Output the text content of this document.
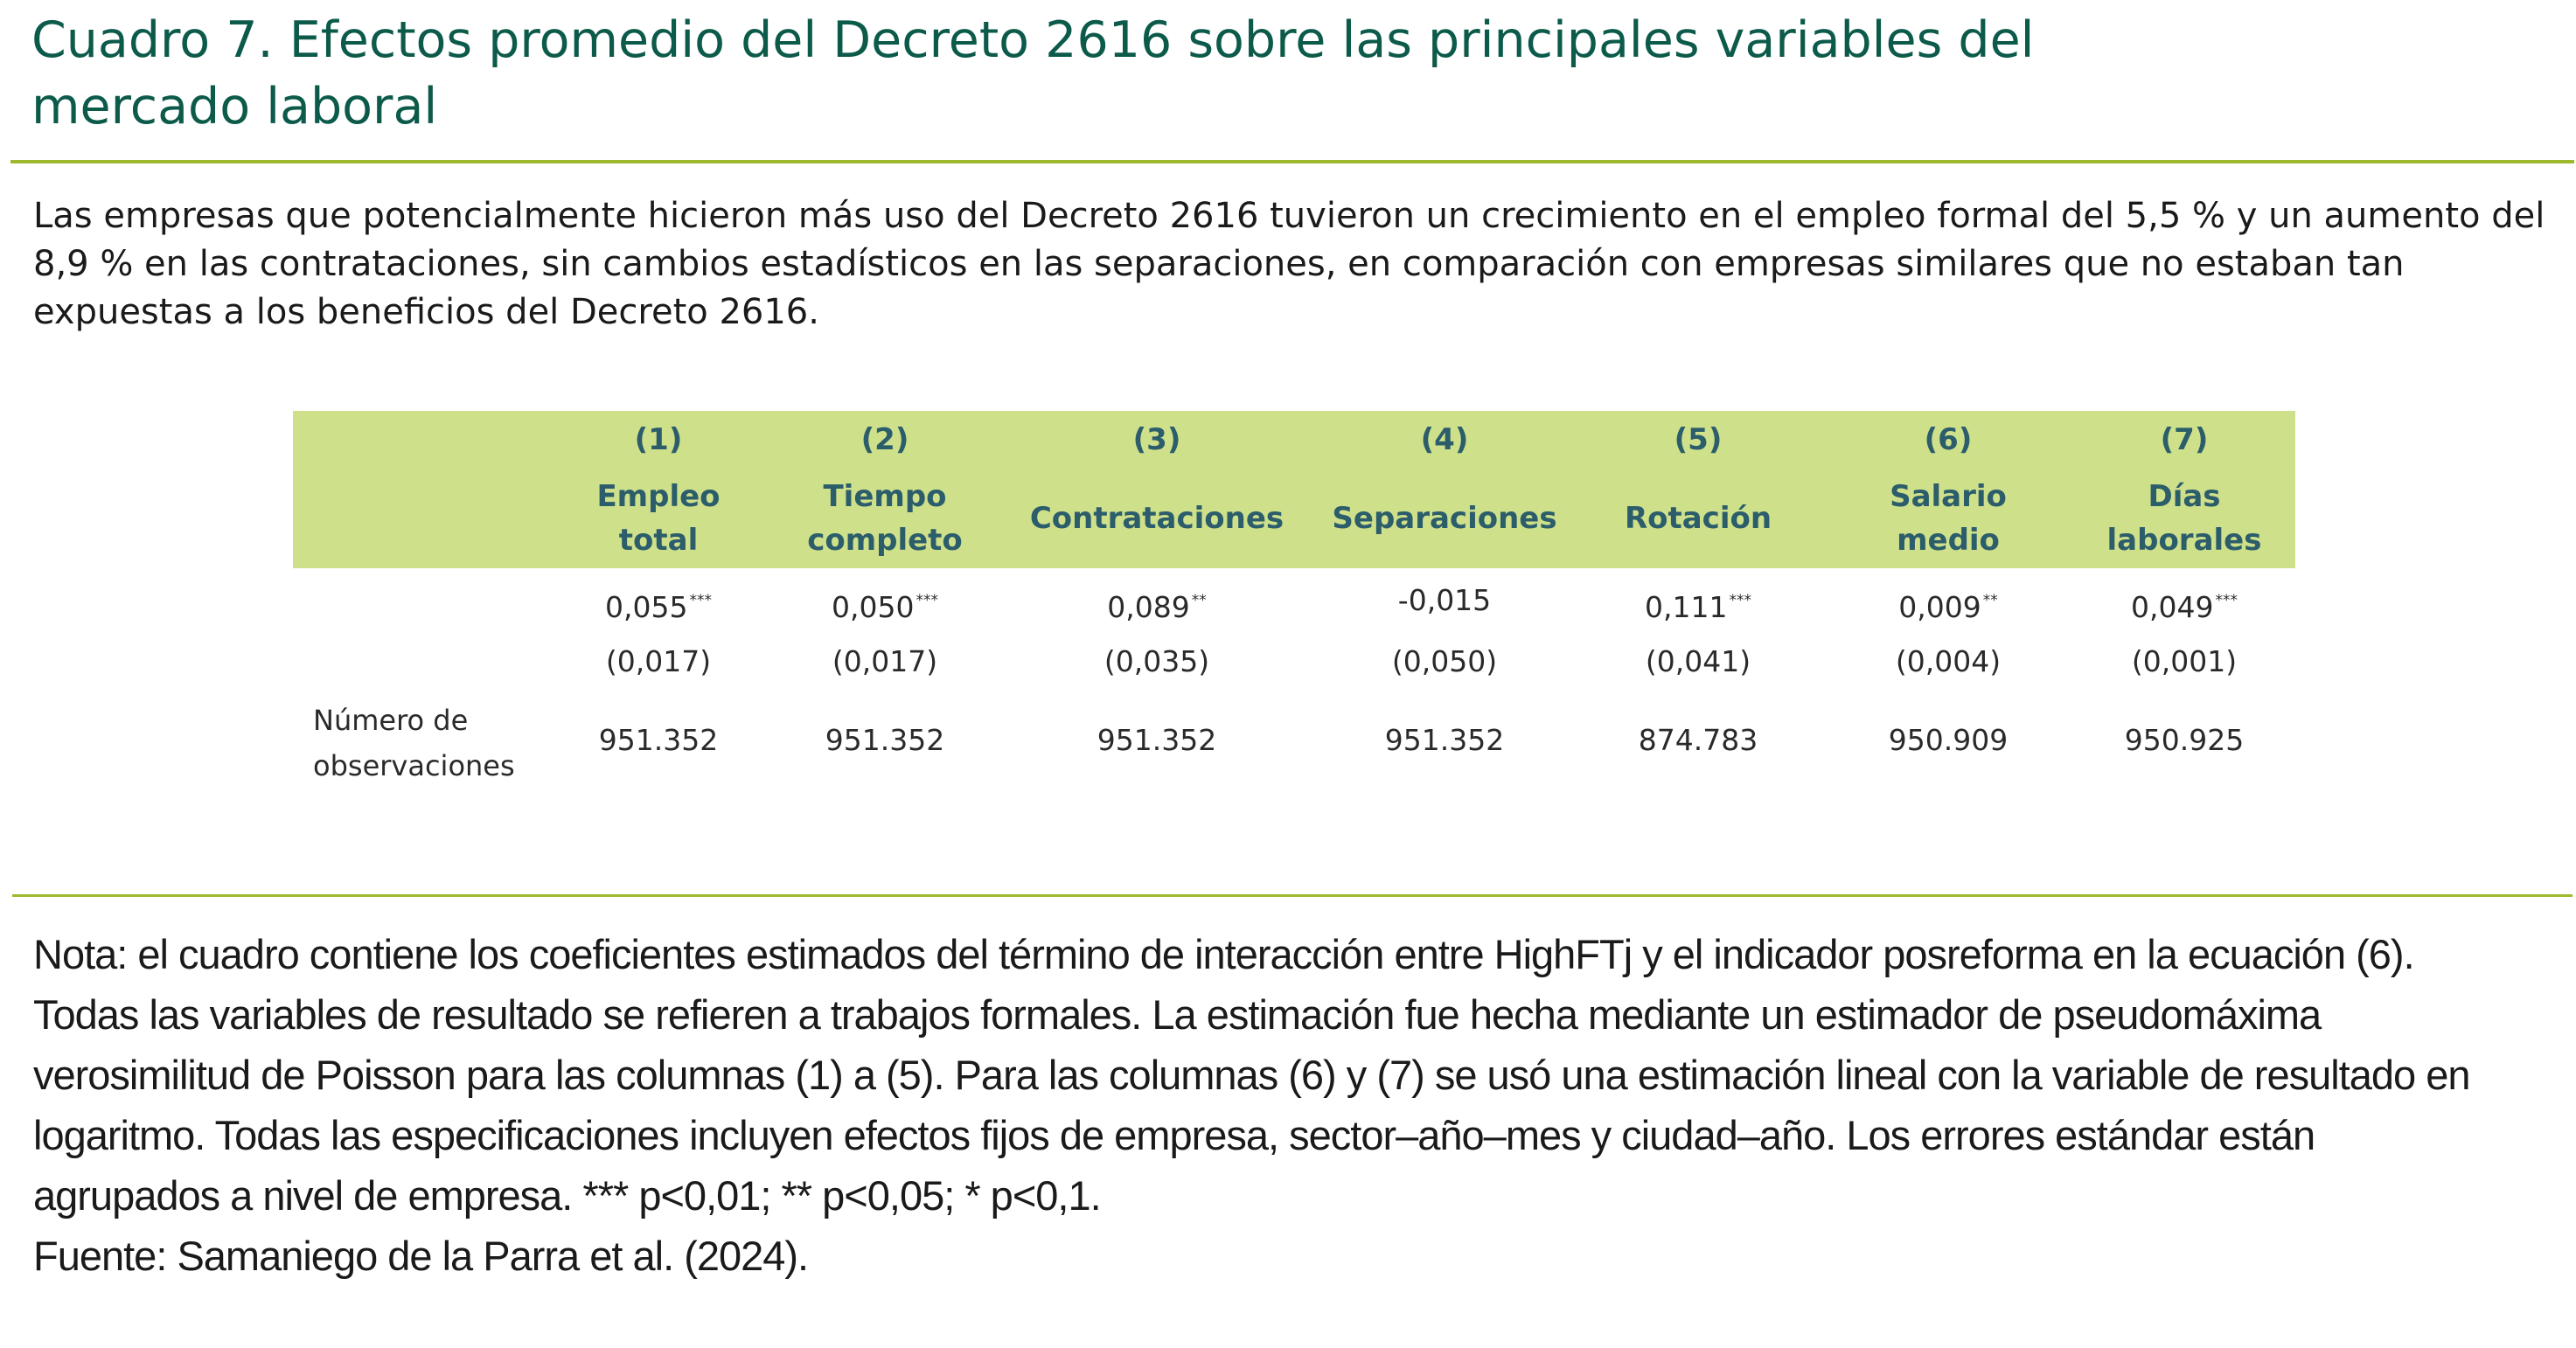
Cuadro 7. Efectos promedio del Decreto 2616 sobre las principales variables del
mercado laboral
Las empresas que potencialmente hicieron más uso del Decreto 2616 tuvieron un crecimiento en el empleo formal del 5,5 % y un aumento del 8,9 % en las contrataciones, sin cambios estadísticos en las separaciones, en comparación con empresas similares que no estaban tan expuestas a los beneficios del Decreto 2616.
(1)
Empleo
total
0,055 ***
(0,017)
951.352
(2)
Tiempo
completo
0,050 ***
(0,017)
951.352
(3)
Contrataciones
0,089 **
(0,035)
951.352
(4)
Separaciones
-0,015
(0,050)
951.352
(5)
Rotación
0,111 ***
(0,041)
874.783
(6)
Salario
medio
0,009 **
(0,004)
950.909
(7)
Días
laborales
0,049 ***
(0,001)
950.925
Número de
observaciones
Nota: el cuadro contiene los coeficientes estimados del término de interacción entre HighFTj y el indicador posreforma en la ecuación (6).
Todas las variables de resultado se refieren a trabajos formales. La estimación fue hecha mediante un estimador de pseudomáxima
verosimilitud de Poisson para las columnas (1) a (5). Para las columnas (6) y (7) se usó una estimación lineal con la variable de resultado en
logaritmo. Todas las especificaciones incluyen efectos fijos de empresa, sector–año–mes y ciudad–año. Los errores estándar están
agrupados a nivel de empresa. *** p<0,01; ** p<0,05; * p<0,1.
Fuente: Samaniego de la Parra et al. (2024).
